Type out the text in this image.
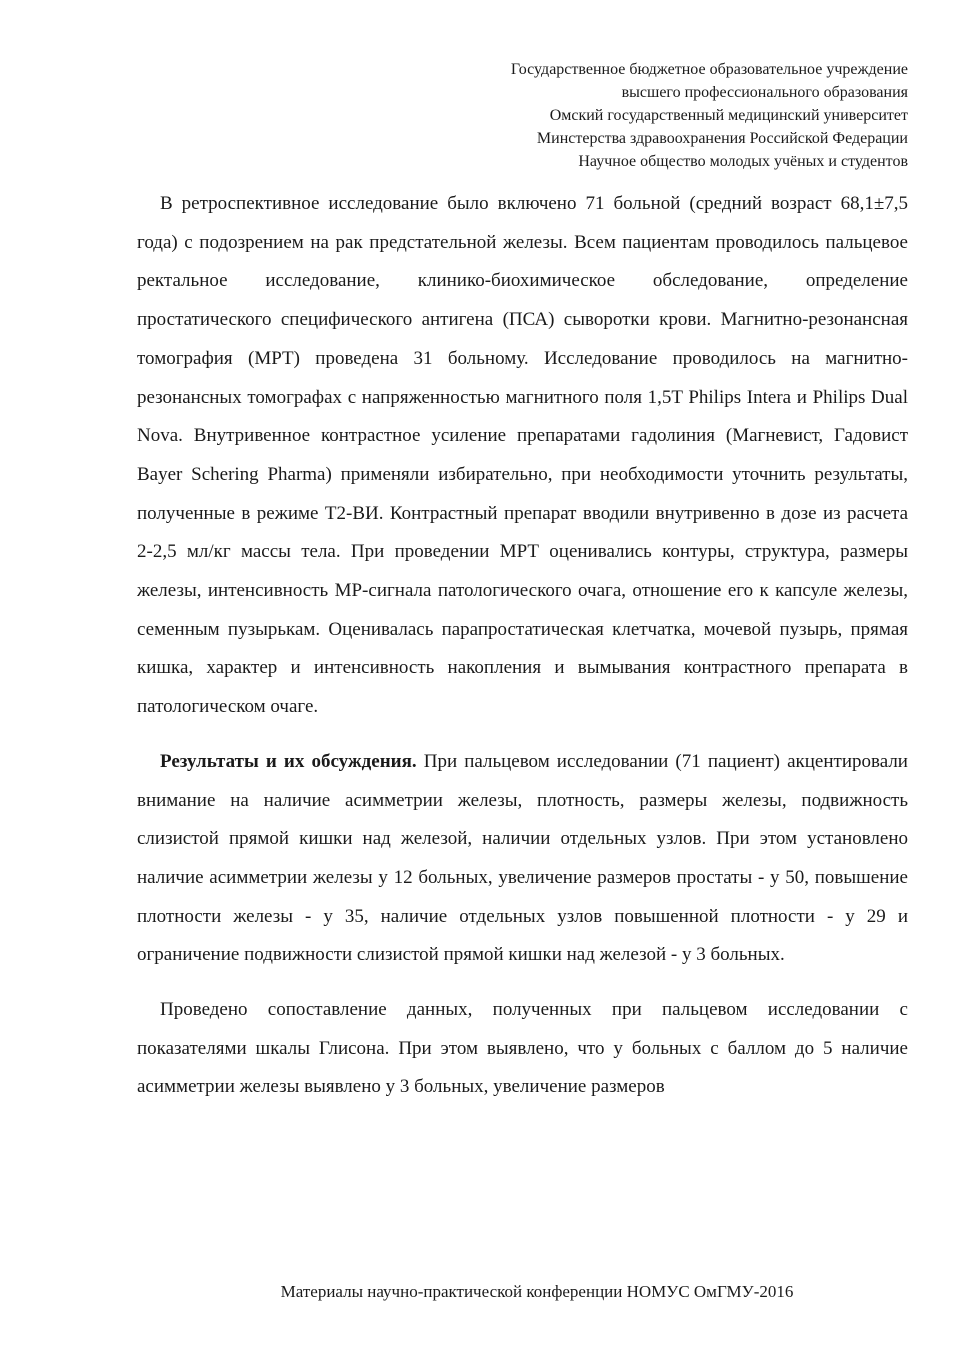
Государственное бюджетное образовательное учреждение
высшего профессионального образования
Омский государственный медицинский университет
Минстерства здравоохранения Российской Федерации
Научное общество молодых учёных и студентов

В ретроспективное исследование было включено 71 больной (средний возраст 68,1±7,5 года) с подозрением на рак предстательной железы. Всем пациентам проводилось пальцевое ректальное исследование, клинико-биохимическое обследование, определение простатического специфического антигена (ПСА) сыворотки крови. Магнитно-резонансная томография (МРТ) проведена 31 больному. Исследование проводилось на магнитно-резонансных томографах с напряженностью магнитного поля 1,5T Philips Intera и Philips Dual Nova. Внутривенное контрастное усиление препаратами гадолиния (Магневист, Гадовист Bayer Schering Pharma) применяли избирательно, при необходимости уточнить результаты, полученные в режиме Т2-ВИ. Контрастный препарат вводили внутривенно в дозе из расчета 2-2,5 мл/кг массы тела. При проведении МРТ оценивались контуры, структура, размеры железы, интенсивность МР-сигнала патологического очага, отношение его к капсуле железы, семенным пузырькам. Оценивалась парапростатическая клетчатка, мочевой пузырь, прямая кишка, характер и интенсивность накопления и вымывания контрастного препарата в патологическом очаге.

Результаты и их обсуждения. При пальцевом исследовании (71 пациент) акцентировали внимание на наличие асимметрии железы, плотность, размеры железы, подвижность слизистой прямой кишки над железой, наличии отдельных узлов. При этом установлено наличие асимметрии железы у 12 больных, увеличение размеров простаты - у 50, повышение плотности железы - у 35, наличие отдельных узлов повышенной плотности - у 29 и ограничение подвижности слизистой прямой кишки над железой - у 3 больных.

Проведено сопоставление данных, полученных при пальцевом исследовании с показателями шкалы Глисона. При этом выявлено, что у больных с баллом до 5 наличие асимметрии железы выявлено у 3 больных, увеличение размеров

Материалы научно-практической конференции НОМУС ОмГМУ-2016
